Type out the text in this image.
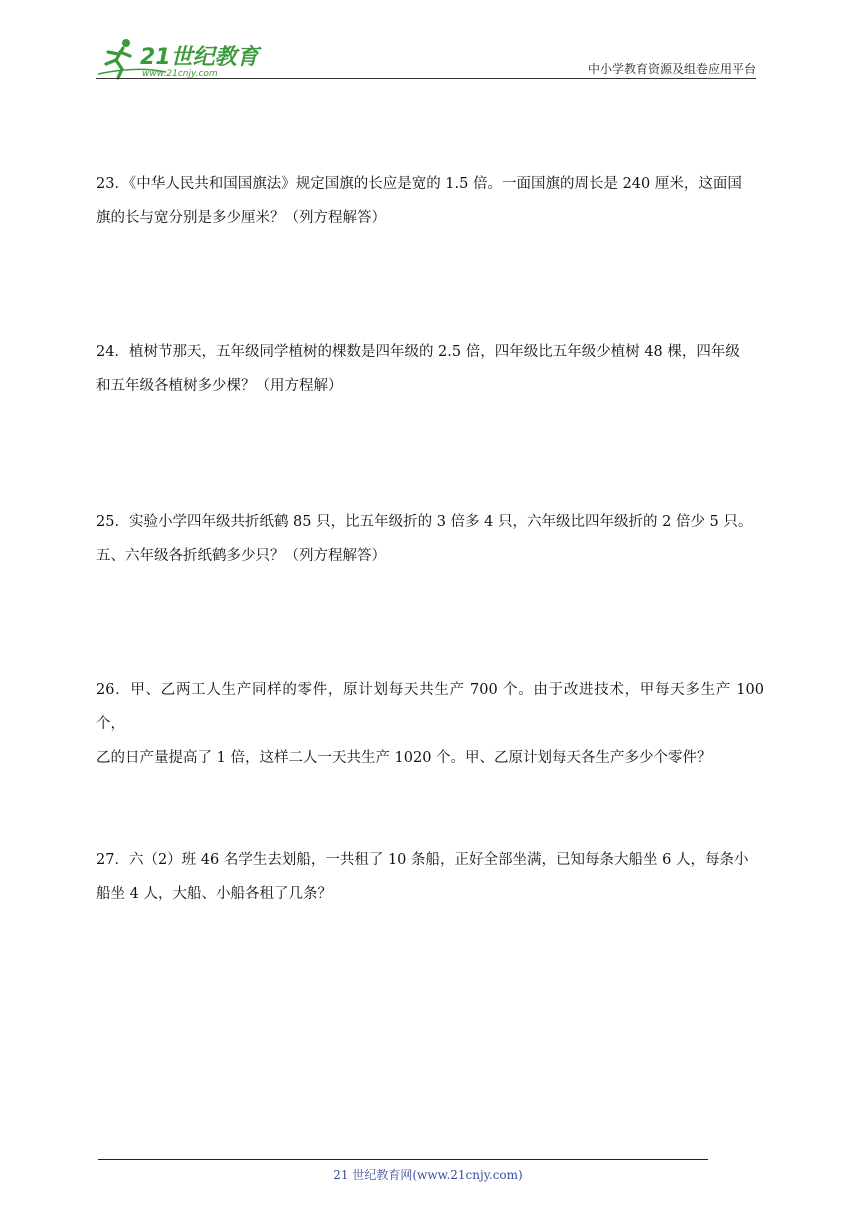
21世纪教育
www.21cnjy.com	中小学教育资源及组卷应用平台
23．《中华人民共和国国旗法》规定国旗的长应是宽的 1.5 倍。一面国旗的周长是 240 厘米，这面国
旗的长与宽分别是多少厘米？（列方程解答）
24．植树节那天，五年级同学植树的棵数是四年级的 2.5 倍，四年级比五年级少植树 48 棵，四年级
和五年级各植树多少棵？（用方程解）
25．实验小学四年级共折纸鹤 85 只，比五年级折的 3 倍多 4 只，六年级比四年级折的 2 倍少 5 只。
五、六年级各折纸鹤多少只？（列方程解答）
26．甲、乙两工人生产同样的零件，原计划每天共生产 700 个。由于改进技术，甲每天多生产 100 个，
乙的日产量提高了 1 倍，这样二人一天共生产 1020 个。甲、乙原计划每天各生产多少个零件？
27．六（2）班 46 名学生去划船，一共租了 10 条船，正好全部坐满，已知每条大船坐 6 人，每条小
船坐 4 人，大船、小船各租了几条？
21 世纪教育网(www.21cnjy.com)
